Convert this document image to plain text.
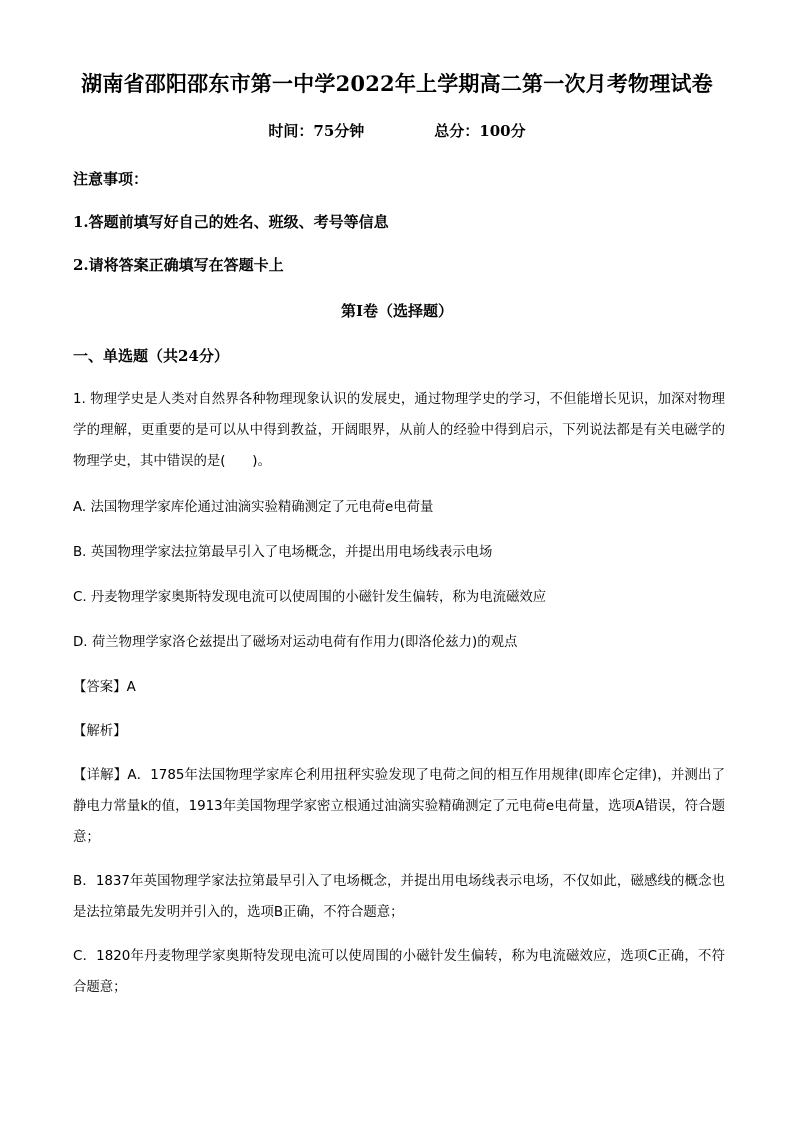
湖南省邵阳邵东市第一中学2022年上学期高二第一次月考物理试卷
时间：75分钟	总分：100分
注意事项：
1.答题前填写好自己的姓名、班级、考号等信息
2.请将答案正确填写在答题卡上
第I卷（选择题）
一、单选题（共24分）
1. 物理学史是人类对自然界各种物理现象认识的发展史，通过物理学史的学习，不但能增长见识，加深对物理学的理解，更重要的是可以从中得到教益，开阔眼界，从前人的经验中得到启示，下列说法都是有关电磁学的物理学史，其中错误的是(　　)。
A. 法国物理学家库伦通过油滴实验精确测定了元电荷e电荷量
B. 英国物理学家法拉第最早引入了电场概念，并提出用电场线表示电场
C. 丹麦物理学家奥斯特发现电流可以使周围的小磁针发生偏转，称为电流磁效应
D. 荷兰物理学家洛仑兹提出了磁场对运动电荷有作用力(即洛伦兹力)的观点
【答案】A
【解析】
【详解】A．1785年法国物理学家库仑利用扭秤实验发现了电荷之间的相互作用规律(即库仑定律)，并测出了静电力常量k的值，1913年美国物理学家密立根通过油滴实验精确测定了元电荷e电荷量，选项A错误，符合题意；
B．1837年英国物理学家法拉第最早引入了电场概念，并提出用电场线表示电场，不仅如此，磁感线的概念也是法拉第最先发明并引入的，选项B正确，不符合题意；
C．1820年丹麦物理学家奥斯特发现电流可以使周围的小磁针发生偏转，称为电流磁效应，选项C正确，不符合题意；
